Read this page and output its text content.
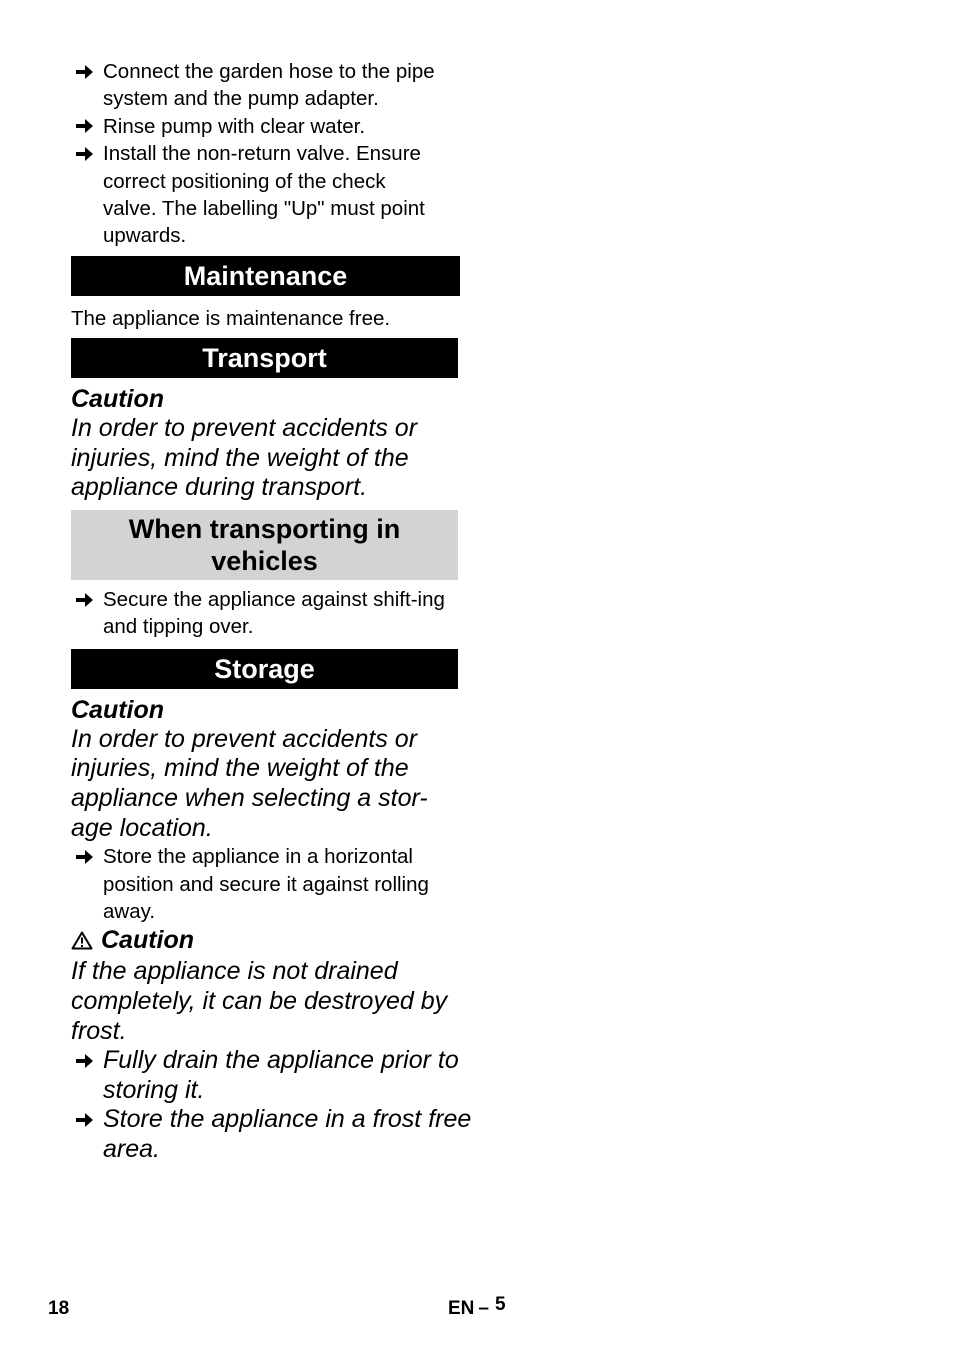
Connect the garden hose to the pipe system and the pump adapter.
Rinse pump with clear water.
Install the non-return valve. Ensure correct positioning of the check valve. The labelling "Up" must point upwards.
Maintenance
The appliance is maintenance free.
Transport
Caution
In order to prevent accidents or injuries, mind the weight of the appliance during transport.
When transporting in vehicles
Secure the appliance against shift-ing and tipping over.
Storage
Caution
In order to prevent accidents or injuries, mind the weight of the appliance when selecting a stor-age location.
Store the appliance in a horizontal position and secure it against rolling away.
Caution
If the appliance is not drained completely, it can be destroyed by frost.
Fully drain the appliance prior to storing it.
Store the appliance in a frost free area.
18	EN – 5
